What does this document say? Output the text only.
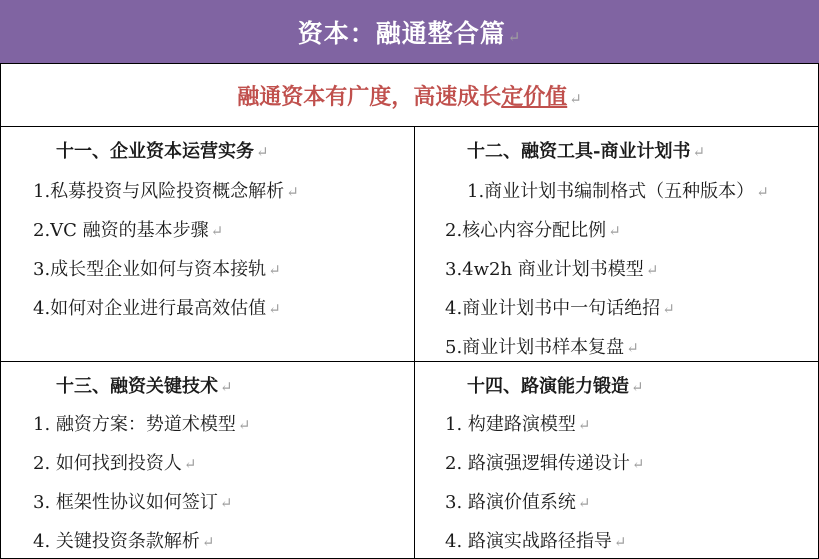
资本：融通整合篇 ↵
融通资本有广度，高速成长定价值 ↵
十一、企业资本运营实务 ↵
1.私募投资与风险投资概念解析 ↵
2.VC 融资的基本步骤 ↵
3.成长型企业如何与资本接轨 ↵
4.如何对企业进行最高效估值 ↵
十二、融资工具-商业计划书 ↵
1.商业计划书编制格式（五种版本） ↵
2.核心内容分配比例 ↵
3.4w2h 商业计划书模型 ↵
4.商业计划书中一句话绝招 ↵
5.商业计划书样本复盘 ↵
十三、融资关键技术 ↵
1. 融资方案：势道术模型 ↵
2. 如何找到投资人 ↵
3. 框架性协议如何签订 ↵
4. 关键投资条款解析 ↵
十四、路演能力锻造 ↵
1. 构建路演模型 ↵
2. 路演强逻辑传递设计 ↵
3. 路演价值系统 ↵
4. 路演实战路径指导 ↵
